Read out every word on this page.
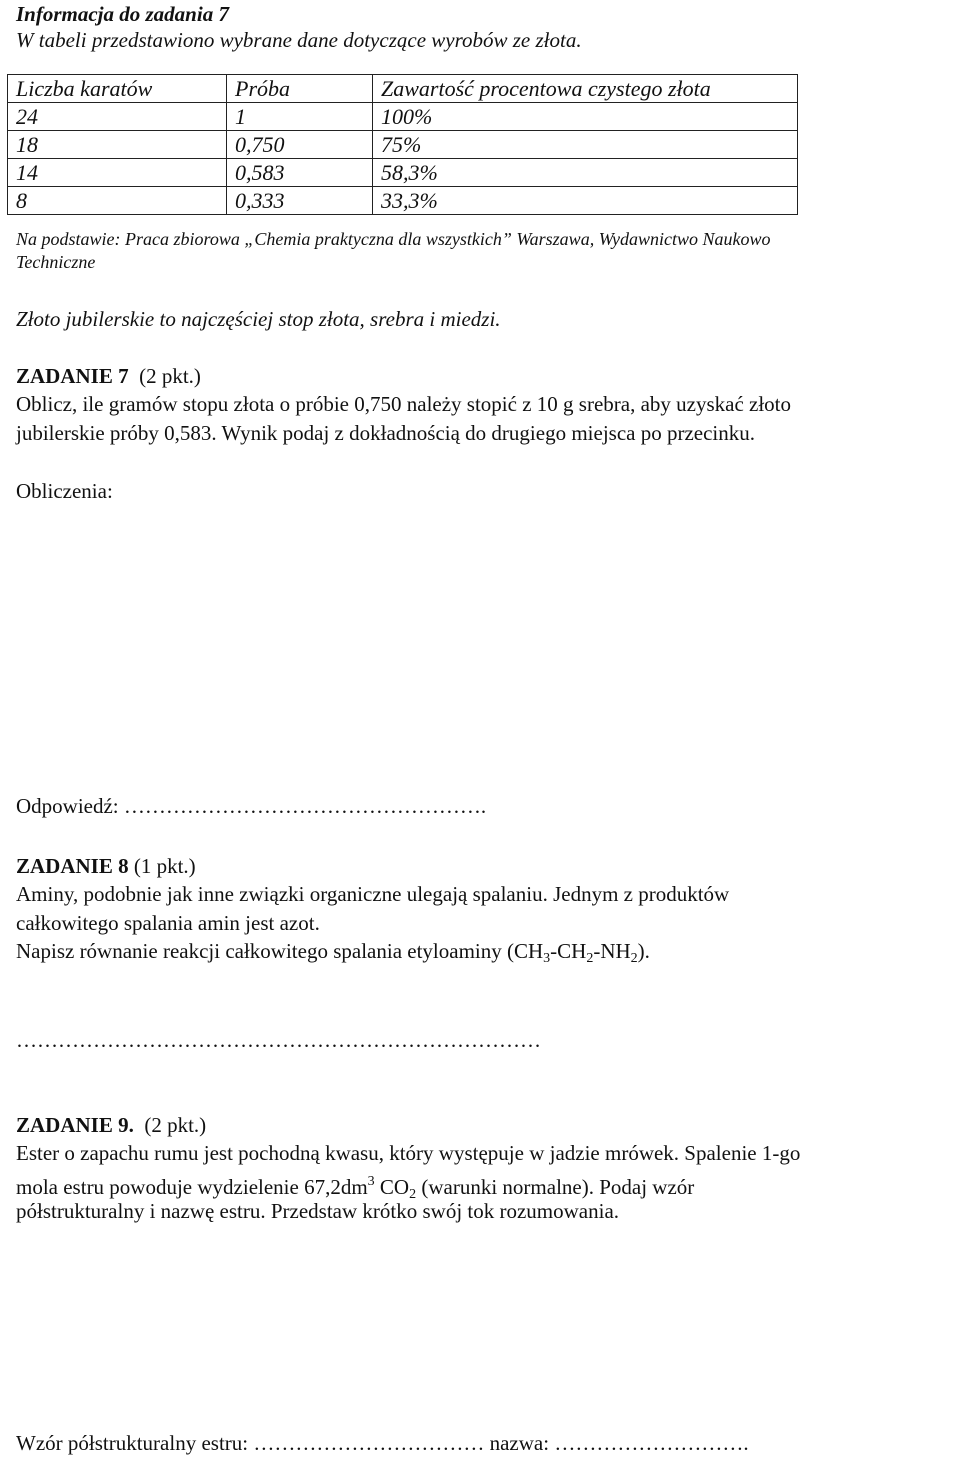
Informacja do zadania 7
W tabeli przedstawiono wybrane dane dotyczące wyrobów ze złota.
Liczba karatów	Próba	Zawartość procentowa czystego złota
24	1	100%
18	0,750	75%
14	0,583	58,3%
8	0,333	33,3%
Na podstawie: Praca zbiorowa „Chemia praktyczna dla wszystkich” Warszawa, Wydawnictwo Naukowo
Techniczne
Złoto jubilerskie to najczęściej stop złota, srebra i miedzi.
ZADANIE 7 (2 pkt.)
Oblicz, ile gramów stopu złota o próbie 0,750 należy stopić z 10 g srebra, aby uzyskać złoto
jubilerskie próby 0,583. Wynik podaj z dokładnością do drugiego miejsca po przecinku.
Obliczenia:
Odpowiedź: …………………………………………….
ZADANIE 8 (1 pkt.)
Aminy, podobnie jak inne związki organiczne ulegają spalaniu. Jednym z produktów
całkowitego spalania amin jest azot.
Napisz równanie reakcji całkowitego spalania etyloaminy $(CH_3-CH_2-NH_2)$.
…………………………………………………………………
ZADANIE 9. (2 pkt.)
Ester o zapachu rumu jest pochodną kwasu, który występuje w jadzie mrówek. Spalenie 1-go
mola estru powoduje wydzielenie $67,2dm^3$ $CO_2$ (warunki normalne). Podaj wzór
półstrukturalny i nazwę estru. Przedstaw krótko swój tok rozumowania.
Wzór półstrukturalny estru: …………………………… nazwa: ……………………….
